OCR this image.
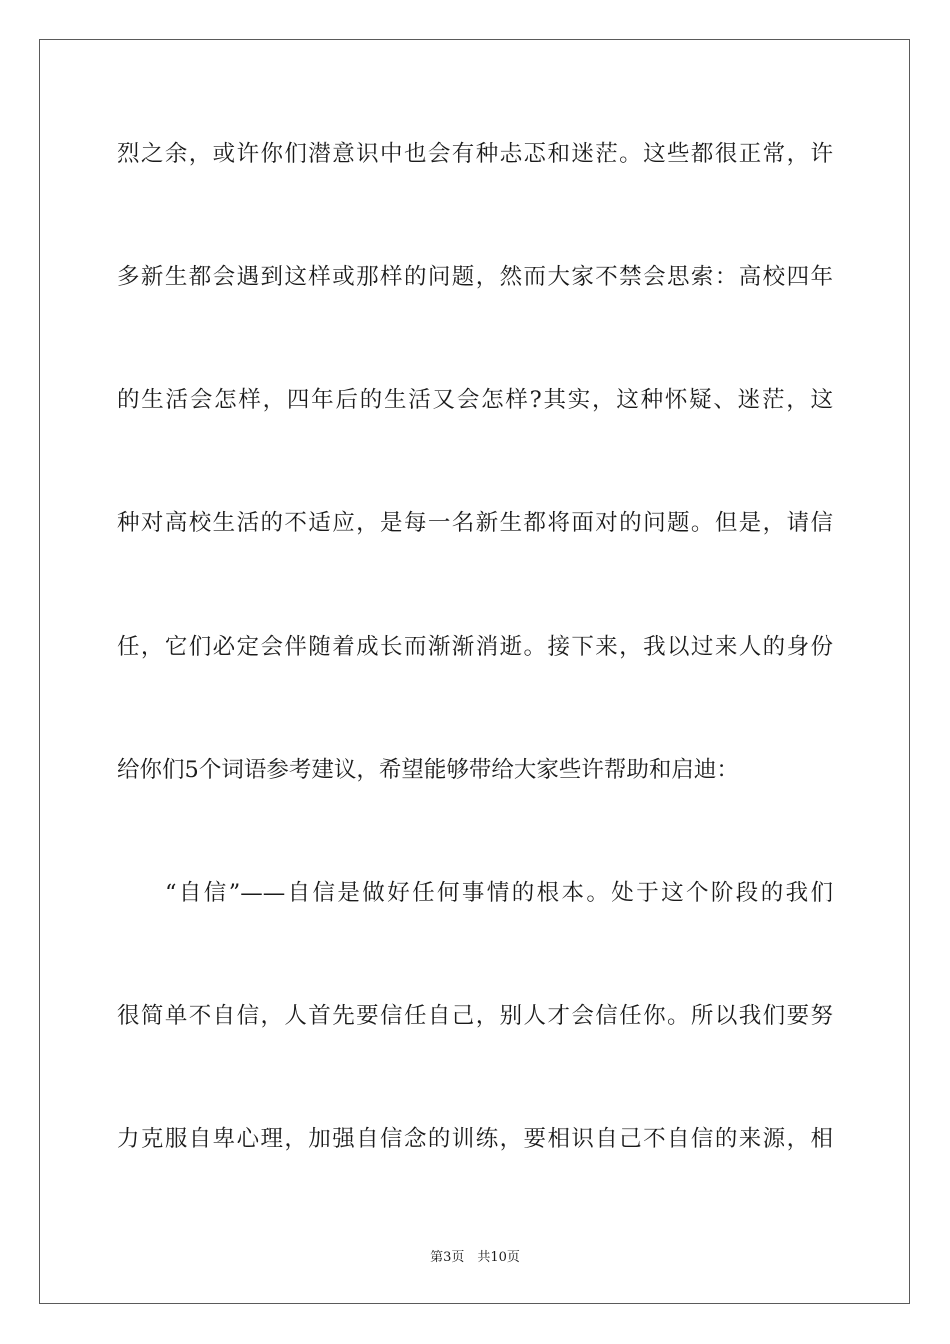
烈之余，或许你们潜意识中也会有种忐忑和迷茫。这些都很正常，许
多新生都会遇到这样或那样的问题，然而大家不禁会思索：高校四年
的生活会怎样，四年后的生活又会怎样?其实，这种怀疑、迷茫，这
种对高校生活的不适应，是每一名新生都将面对的问题。但是，请信
任，它们必定会伴随着成长而渐渐消逝。接下来，我以过来人的身份
给你们5个词语参考建议，希望能够带给大家些许帮助和启迪：
“自信”——自信是做好任何事情的根本。处于这个阶段的我们
很简单不自信，人首先要信任自己，别人才会信任你。所以我们要努
力克服自卑心理，加强自信念的训练，要相识自己不自信的来源，相
第3页　共10页
